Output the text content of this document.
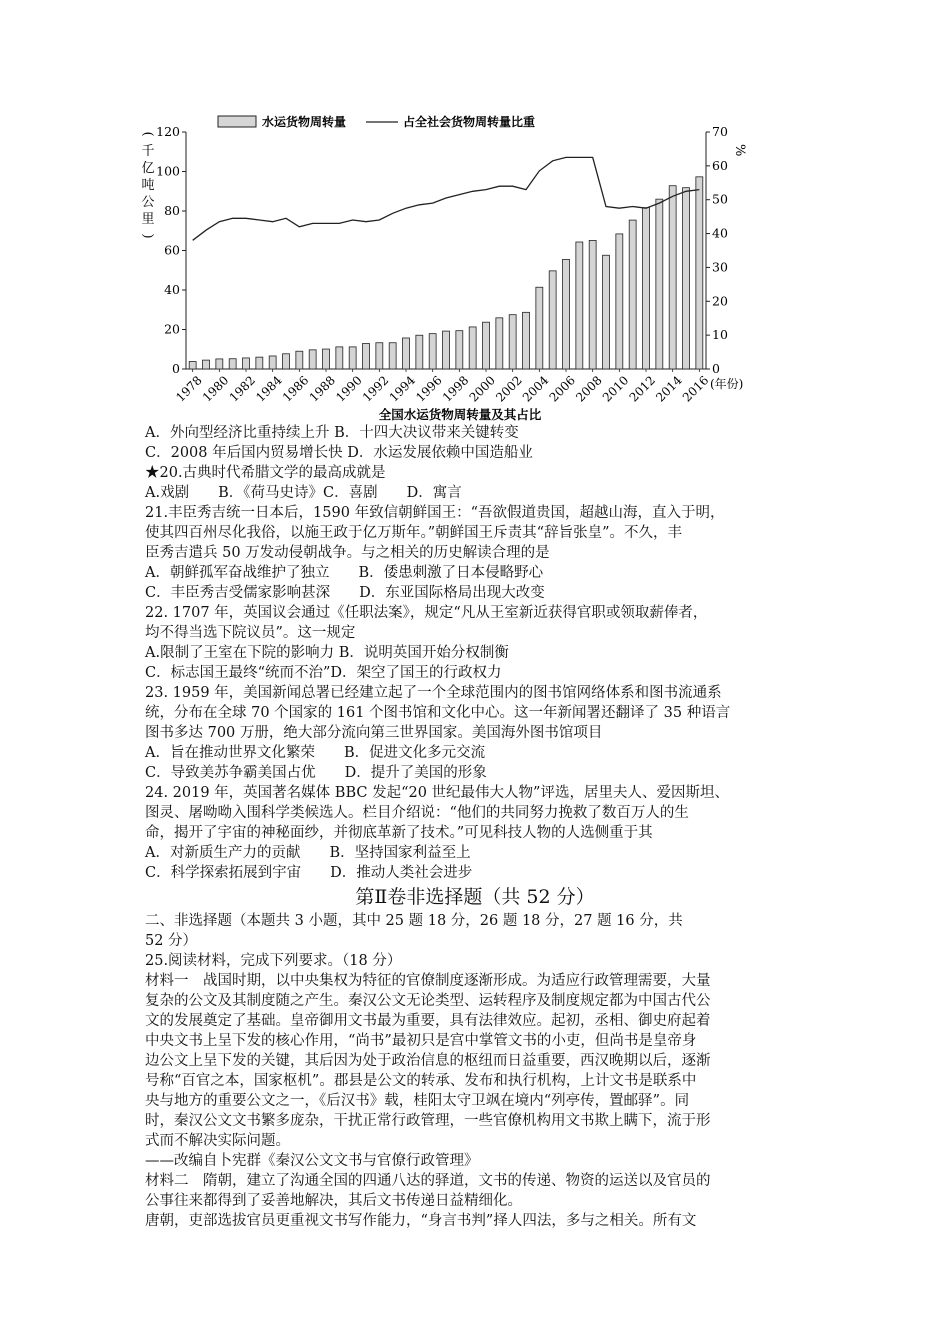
水运货物周转量	占全社会货物周转量比重
(
千
亿
吨
公
里
)
%
0
20
40
60
80
100
120
0
10
20
30
40
50
60
70
1978
1980
1982
1984
1986
1988
1990
1992
1994
1996
1998
2000
2002
2004
2006
2008
2010
2012
2014
2016
(年份)
全国水运货物周转量及其占比
A．外向型经济比重持续上升 B．十四大决议带来关键转变
C．2008 年后国内贸易增长快 D．水运发展依赖中国造船业
★20.古典时代希腊文学的最高成就是
A.戏剧　　B．《荷马史诗》C．喜剧　　D．寓言
21.丰臣秀吉统一日本后，1590 年致信朝鲜国王：“吾欲假道贵国，超越山海，直入于明，
使其四百州尽化我俗，以施王政于亿万斯年。”朝鲜国王斥责其“辞旨张皇”。不久，丰
臣秀吉遣兵 50 万发动侵朝战争。与之相关的历史解读合理的是
A．朝鲜孤军奋战维护了独立　　B．倭患刺激了日本侵略野心
C．丰臣秀吉受儒家影响甚深　　D．东亚国际格局出现大改变
22. 1707 年，英国议会通过《任职法案》，规定“凡从王室新近获得官职或领取薪俸者，
均不得当选下院议员”。这一规定
A.限制了王室在下院的影响力 B．说明英国开始分权制衡
C．标志国王最终“统而不治”D．架空了国王的行政权力
23. 1959 年，美国新闻总署已经建立起了一个全球范围内的图书馆网络体系和图书流通系
统，分布在全球 70 个国家的 161 个图书馆和文化中心。这一年新闻署还翻译了 35 种语言
图书多达 700 万册，绝大部分流向第三世界国家。美国海外图书馆项目
A．旨在推动世界文化繁荣　　B．促进文化多元交流
C．导致美苏争霸美国占优　　D．提升了美国的形象
24. 2019 年，英国著名媒体 BBC 发起“20 世纪最伟大人物”评选，居里夫人、爱因斯坦、
图灵、屠呦呦入围科学类候选人。栏目介绍说：“他们的共同努力挽救了数百万人的生
命，揭开了宇宙的神秘面纱，并彻底革新了技术。”可见科技人物的人选侧重于其
A．对新质生产力的贡献　　B．坚持国家利益至上
C．科学探索拓展到宇宙　　D．推动人类社会进步
第Ⅱ卷非选择题（共 52 分）
二、非选择题（本题共 3 小题，其中 25 题 18 分，26 题 18 分，27 题 16 分，共
52 分）
25.阅读材料，完成下列要求。（18 分）
材料一　战国时期，以中央集权为特征的官僚制度逐渐形成。为适应行政管理需要，大量
复杂的公文及其制度随之产生。秦汉公文无论类型、运转程序及制度规定都为中国古代公
文的发展奠定了基础。皇帝御用文书最为重要，具有法律效应。起初，丞相、御史府起着
中央文书上呈下发的核心作用，“尚书”最初只是宫中掌管文书的小吏，但尚书是皇帝身
边公文上呈下发的关键，其后因为处于政治信息的枢纽而日益重要，西汉晚期以后，逐渐
号称“百官之本，国家枢机”。郡县是公文的转承、发布和执行机构，上计文书是联系中
央与地方的重要公文之一，《后汉书》载，桂阳太守卫飒在境内“列亭传，置邮驿”。同
时，秦汉公文文书繁多庞杂，干扰正常行政管理，一些官僚机构用文书欺上瞒下，流于形
式而不解决实际问题。
——改编自卜宪群《秦汉公文文书与官僚行政管理》
材料二　隋朝，建立了沟通全国的四通八达的驿道，文书的传递、物资的运送以及官员的
公事往来都得到了妥善地解决，其后文书传递日益精细化。
唐朝，吏部选拔官员更重视文书写作能力，“身言书判”择人四法，多与之相关。所有文
